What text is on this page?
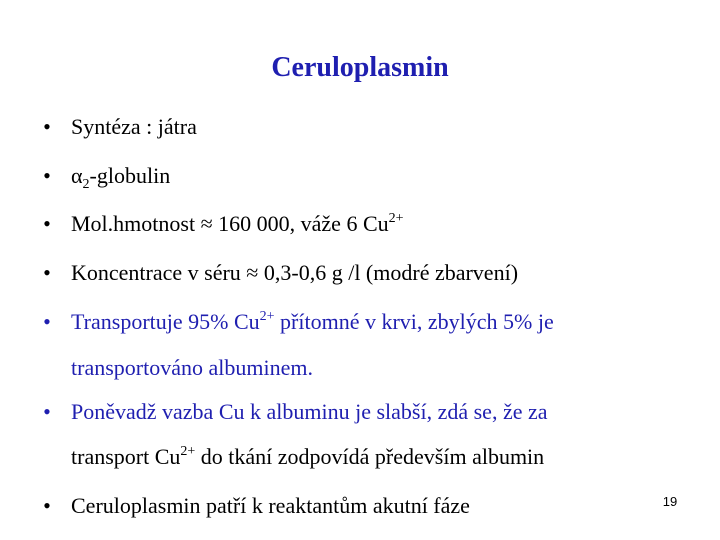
Ceruloplasmin
• Syntéza : játra
• $\alpha_2$-globulin
• Mol.hmotnost ≈ 160 000, váže 6 $Cu^{2+}$
• Koncentrace v séru ≈ 0,3-0,6 g /l (modré zbarvení)
• Transportuje 95% $Cu^{2+}$ přítomné v krvi, zbylých 5% je
transportováno albuminem.
• Poněvadž vazba Cu k albuminu je slabší, zdá se, že za
transport $Cu^{2+}$ do tkání zodpovídá především albumin
• Ceruloplasmin patří k reaktantům akutní fáze	19
